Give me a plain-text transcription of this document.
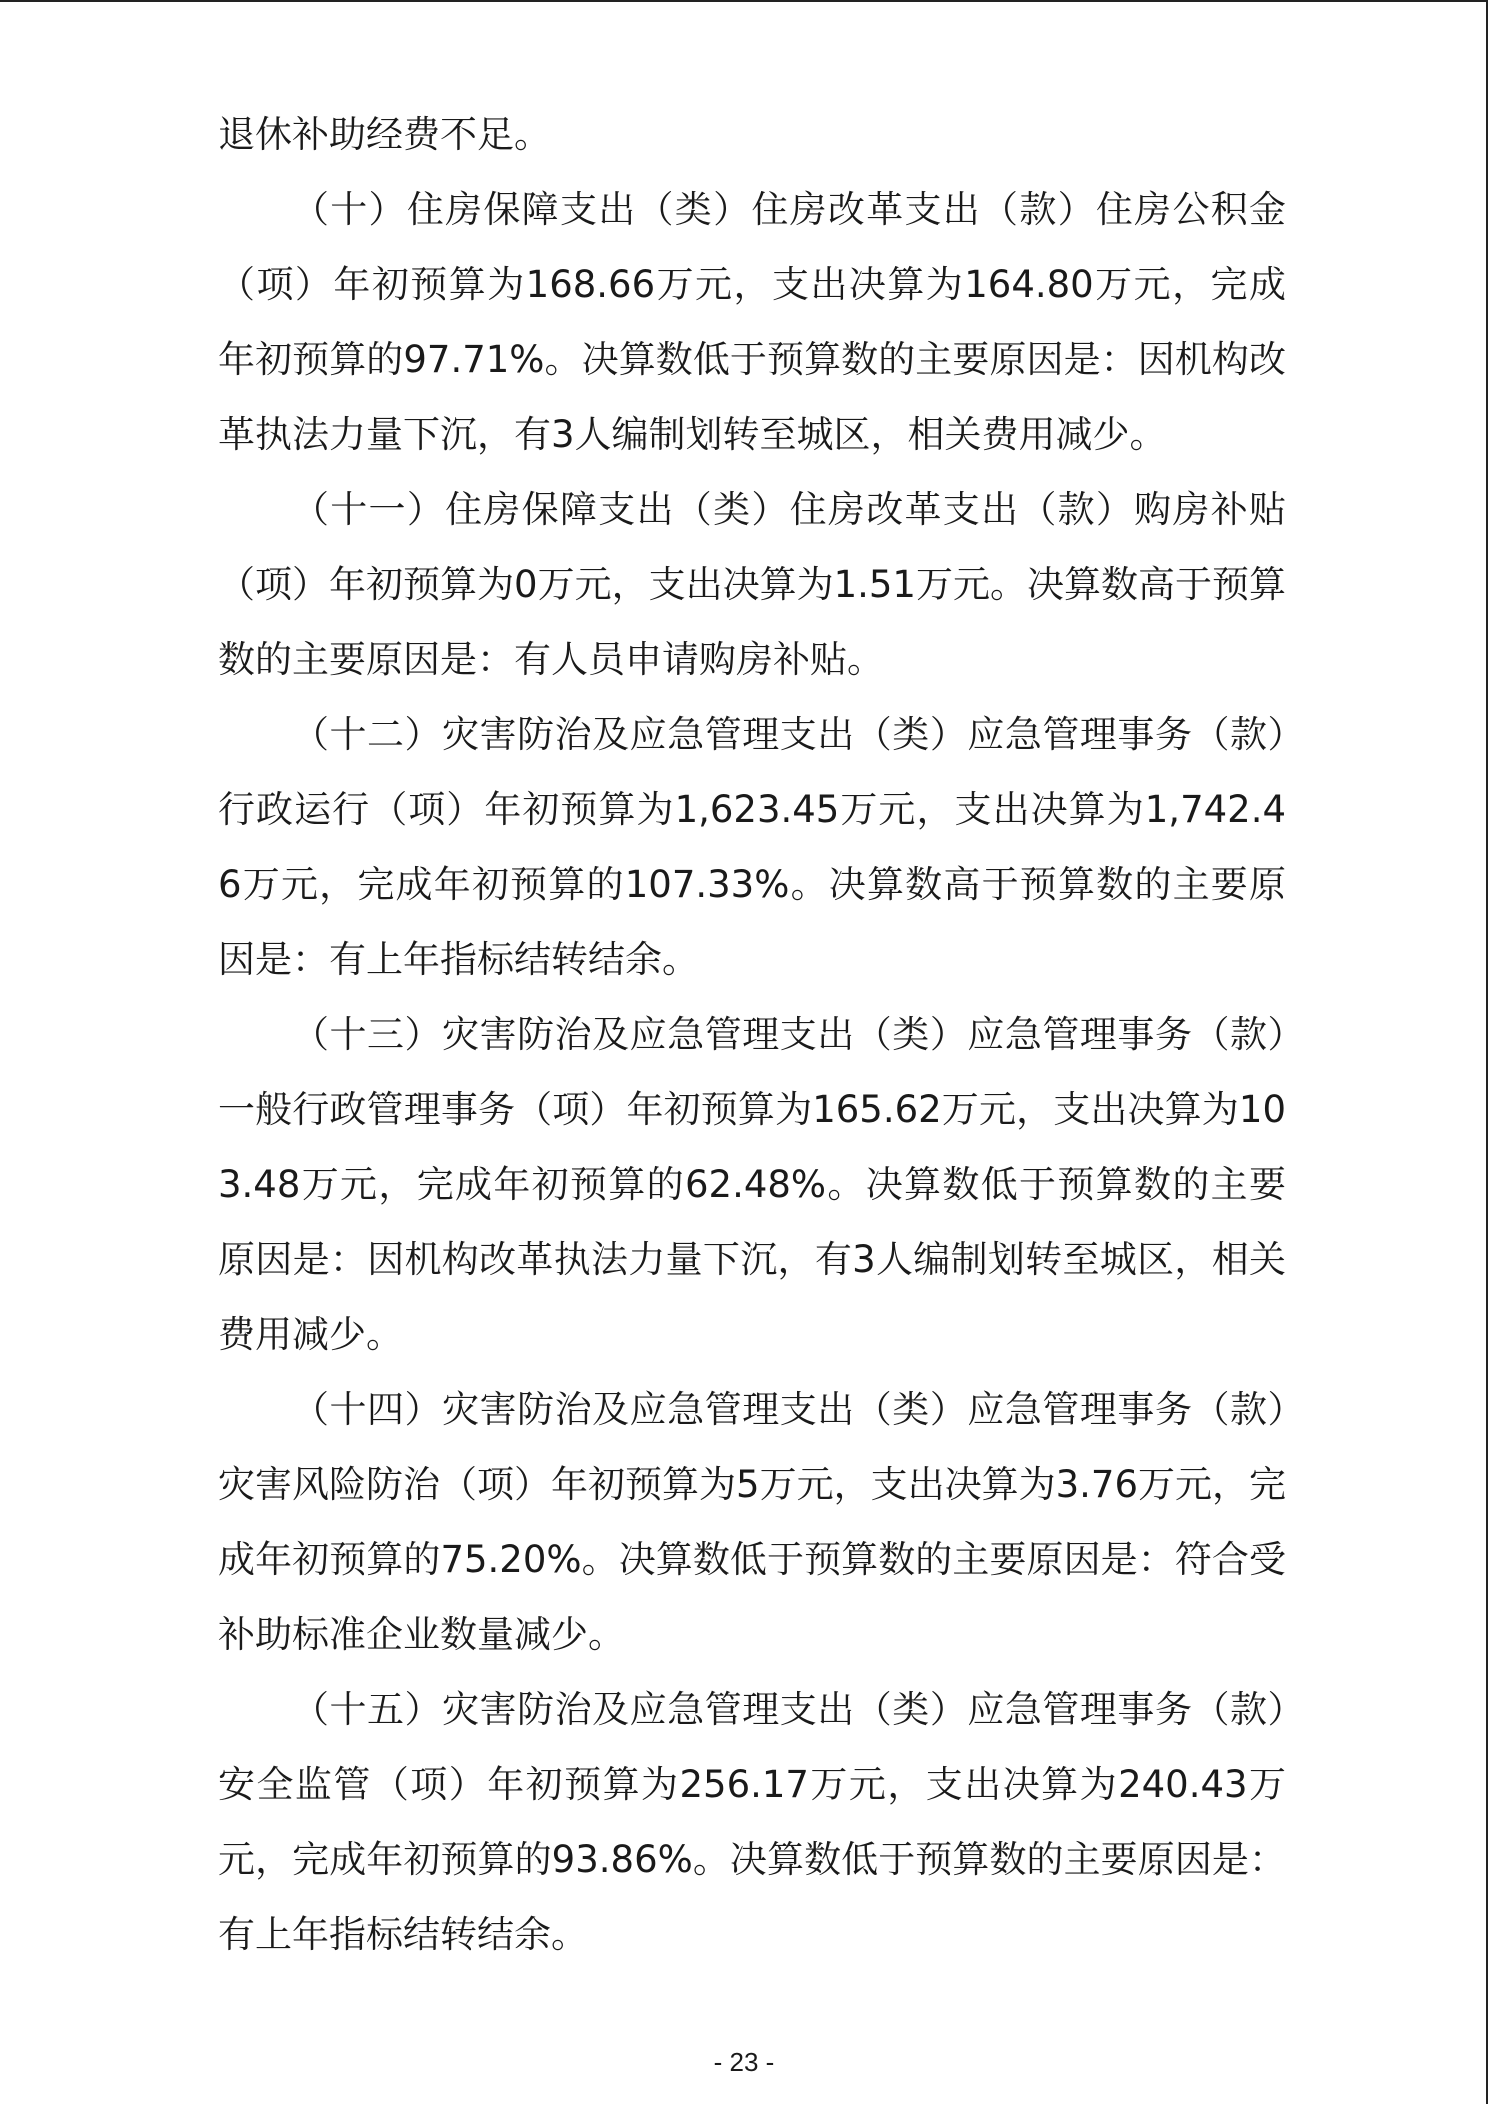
退休补助经费不足。

（十）住房保障支出（类）住房改革支出（款）住房公积金（项）年初预算为168.66万元，支出决算为164.80万元，完成年初预算的97.71%。决算数低于预算数的主要原因是：因机构改革执法力量下沉，有3人编制划转至城区，相关费用减少。

（十一）住房保障支出（类）住房改革支出（款）购房补贴（项）年初预算为0万元，支出决算为1.51万元。决算数高于预算数的主要原因是：有人员申请购房补贴。

（十二）灾害防治及应急管理支出（类）应急管理事务（款）行政运行（项）年初预算为1,623.45万元，支出决算为1,742.46万元，完成年初预算的107.33%。决算数高于预算数的主要原因是：有上年指标结转结余。

（十三）灾害防治及应急管理支出（类）应急管理事务（款）一般行政管理事务（项）年初预算为165.62万元，支出决算为103.48万元，完成年初预算的62.48%。决算数低于预算数的主要原因是：因机构改革执法力量下沉，有3人编制划转至城区，相关费用减少。

（十四）灾害防治及应急管理支出（类）应急管理事务（款）灾害风险防治（项）年初预算为5万元，支出决算为3.76万元，完成年初预算的75.20%。决算数低于预算数的主要原因是：符合受补助标准企业数量减少。

（十五）灾害防治及应急管理支出（类）应急管理事务（款）安全监管（项）年初预算为256.17万元，支出决算为240.43万元，完成年初预算的93.86%。决算数低于预算数的主要原因是：有上年指标结转结余。

- 23 -
